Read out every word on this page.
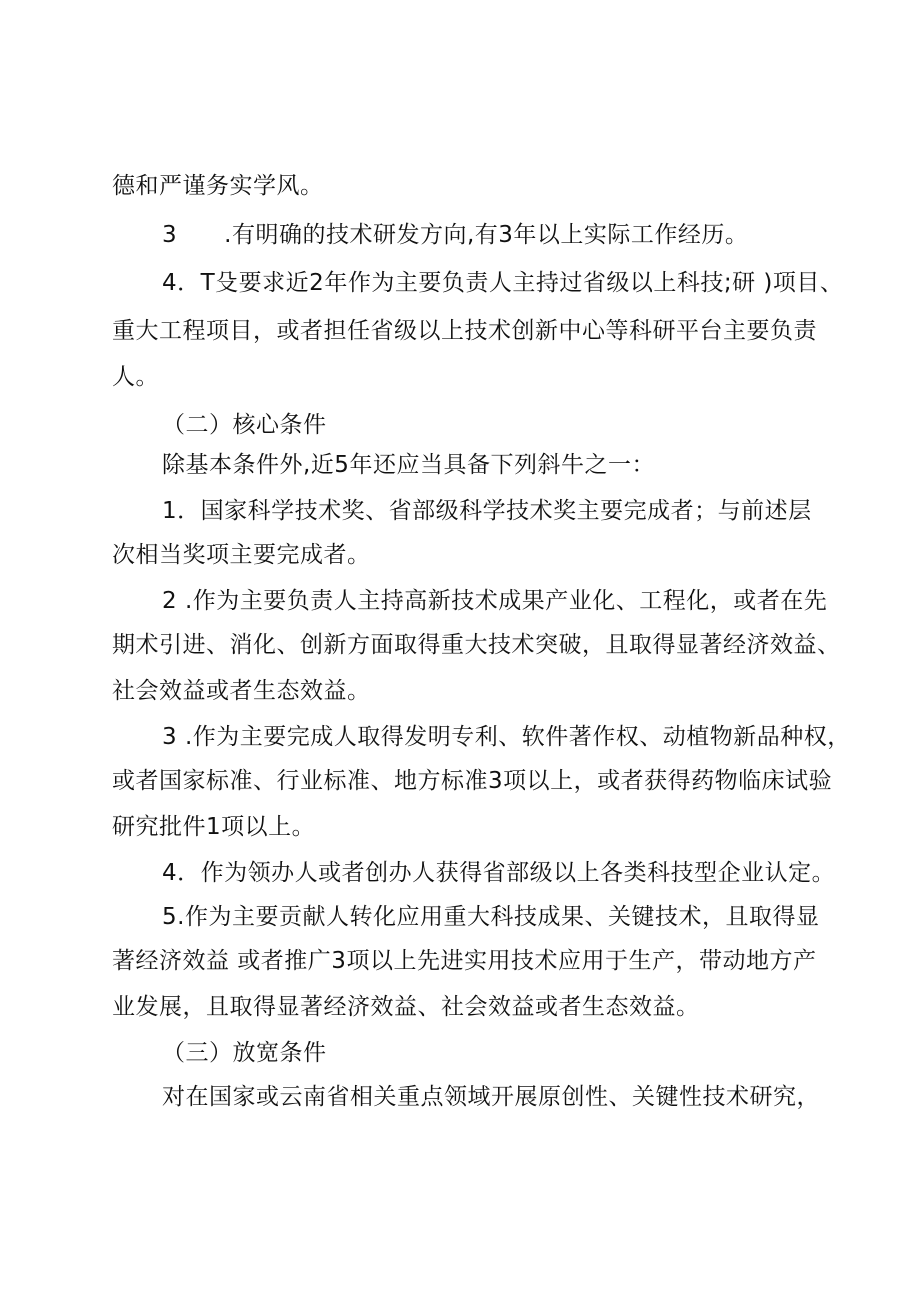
德和严谨务实学风。
3　　.有明确的技术研发方向,有3年以上实际工作经历。
4．T殳要求近2年作为主要负责人主持过省级以上科技;研 )项目、
重大工程项目，或者担任省级以上技术创新中心等科研平台主要负责
人。
（二）核心条件
除基本条件外,近5年还应当具备下列斜牛之一：
1．国家科学技术奖、省部级科学技术奖主要完成者；与前述层
次相当奖项主要完成者。
2 .作为主要负责人主持高新技术成果产业化、工程化，或者在先
期术引进、消化、创新方面取得重大技术突破，且取得显著经济效益、
社会效益或者生态效益。
3 .作为主要完成人取得发明专利、软件著作权、动植物新品种权，
或者国家标准、行业标准、地方标准3项以上，或者获得药物临床试验
研究批件1项以上。
4．作为领办人或者创办人获得省部级以上各类科技型企业认定。
5.作为主要贡献人转化应用重大科技成果、关键技术，且取得显
著经济效益 或者推广3项以上先进实用技术应用于生产，带动地方产
业发展，且取得显著经济效益、社会效益或者生态效益。
（三）放宽条件
对在国家或云南省相关重点领域开展原创性、关键性技术研究，
